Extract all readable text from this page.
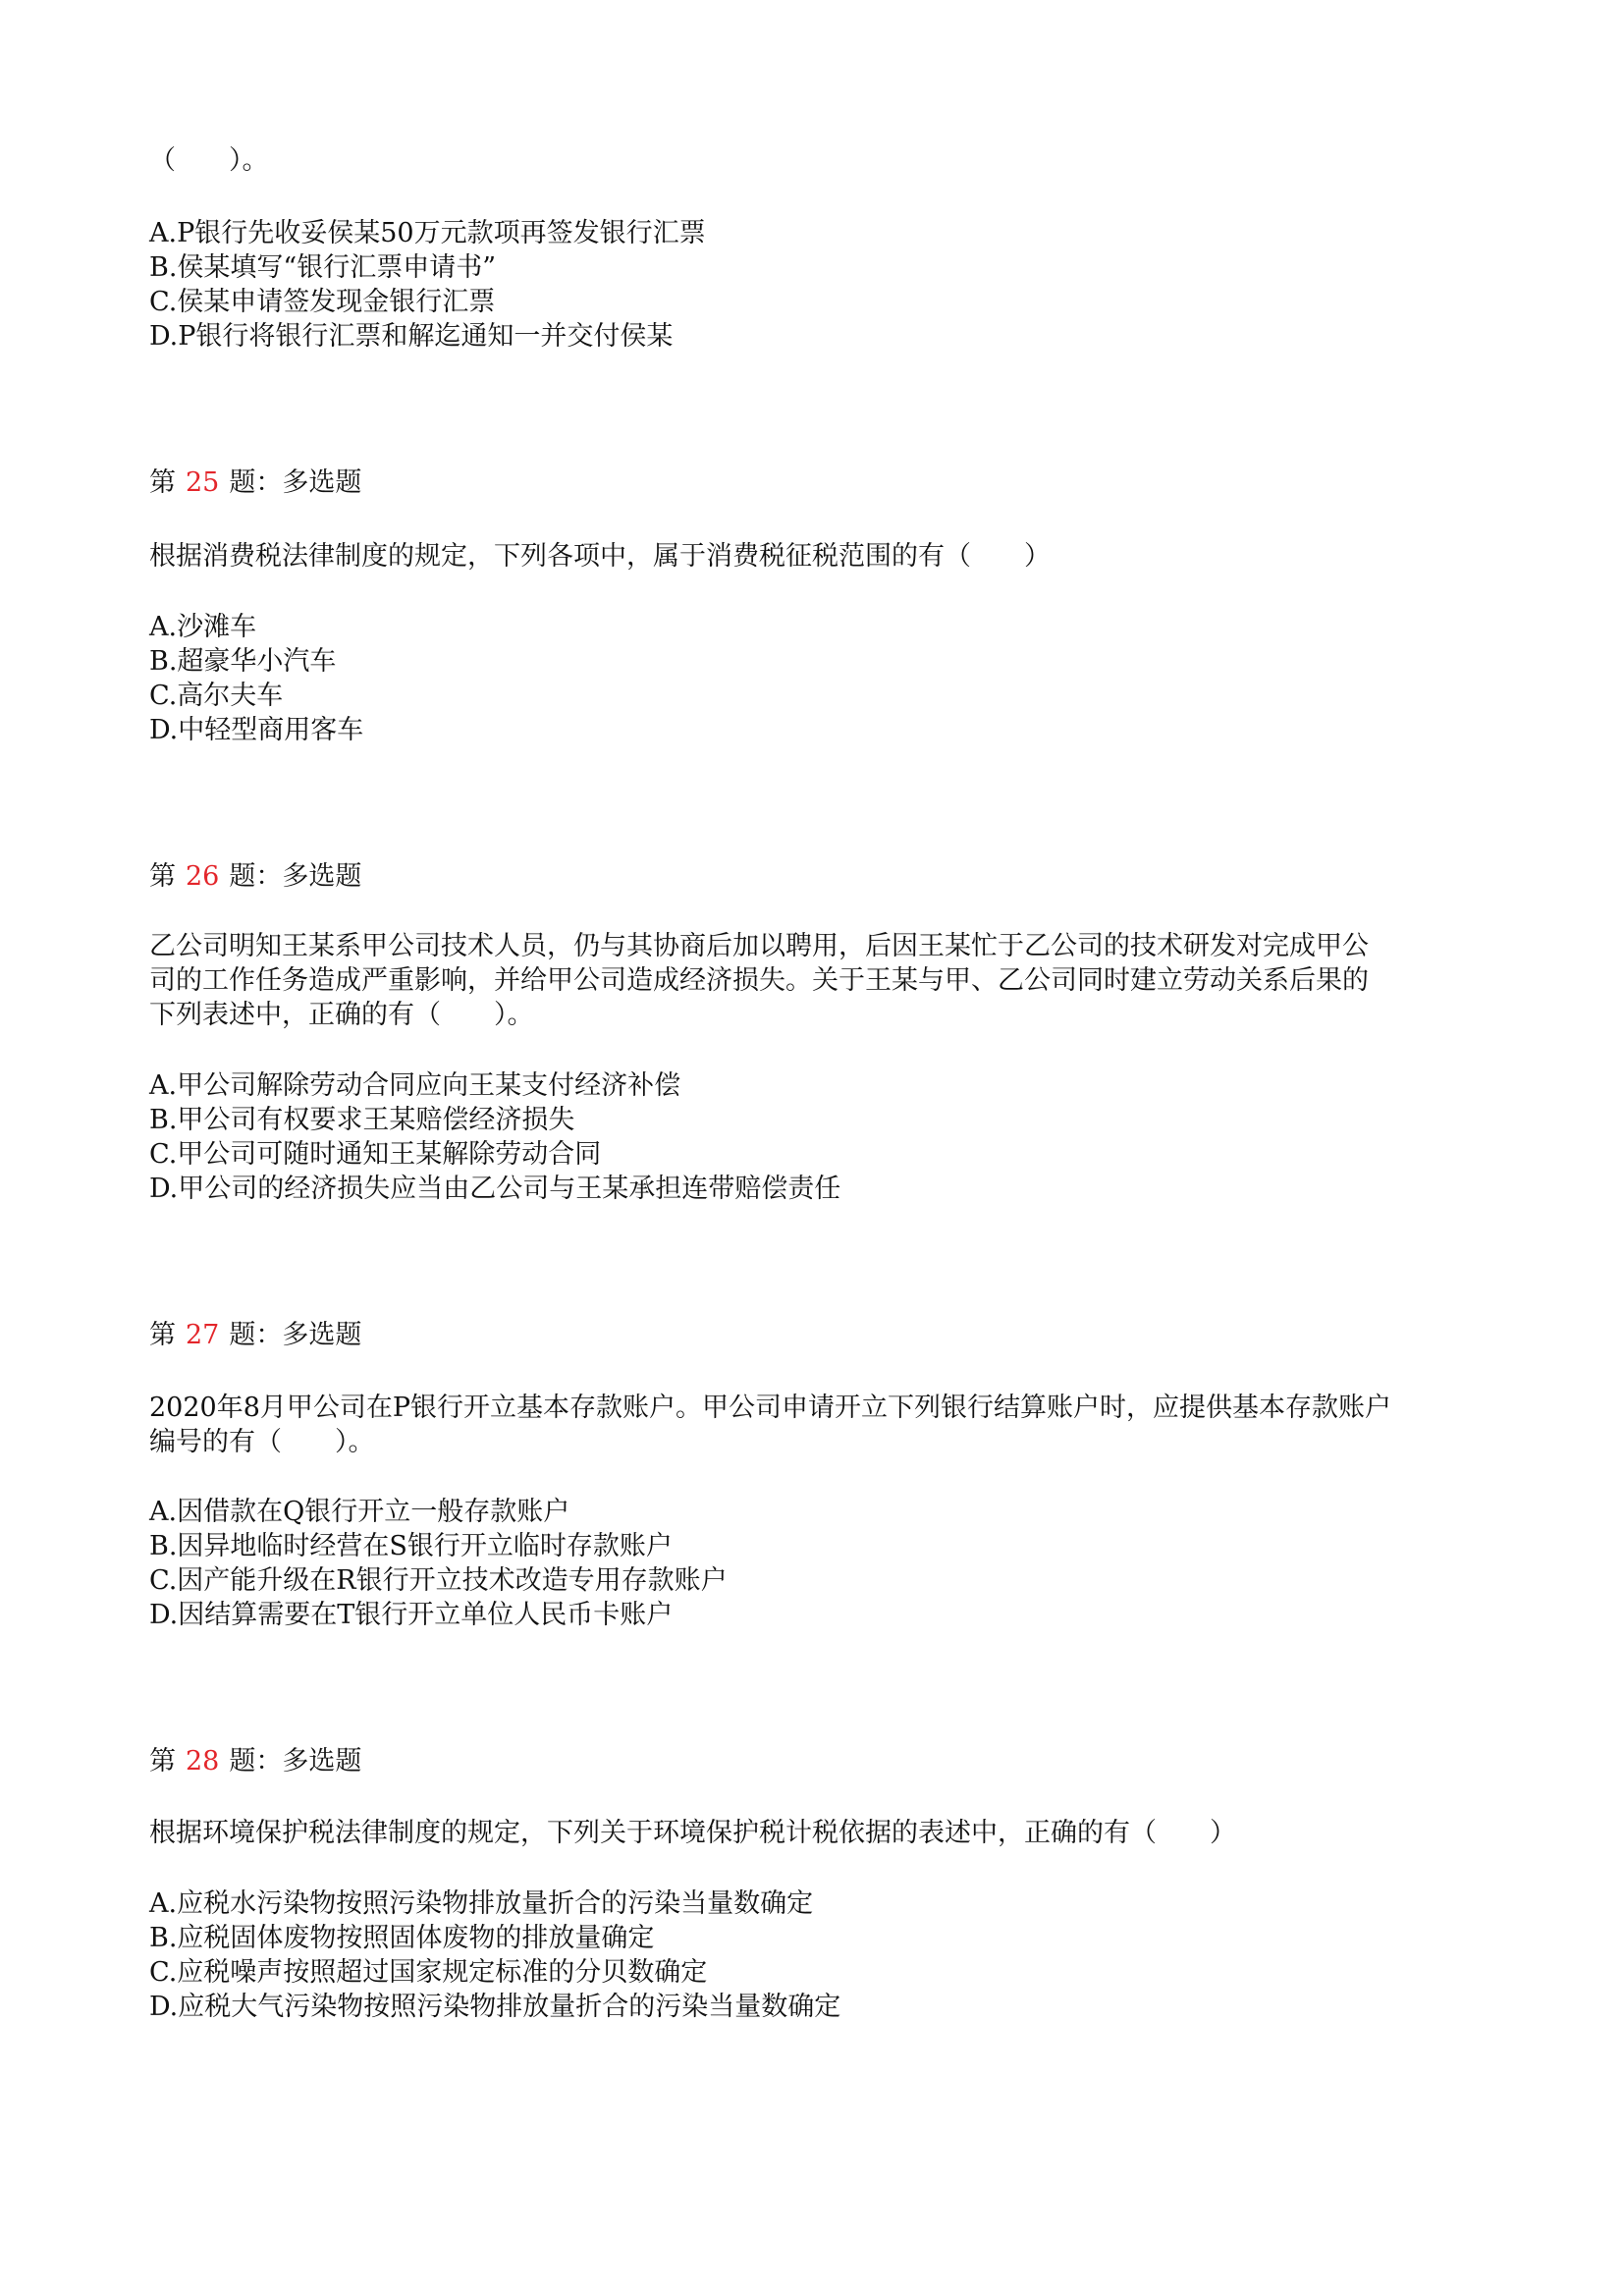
（　　）。
A.P银行先收妥侯某50万元款项再签发银行汇票
B.侯某填写“银行汇票申请书”
C.侯某申请签发现金银行汇票
D.P银行将银行汇票和解迄通知一并交付侯某
第 25 题：多选题
根据消费税法律制度的规定，下列各项中，属于消费税征税范围的有（　　）
A.沙滩车
B.超豪华小汽车
C.高尔夫车
D.中轻型商用客车
第 26 题：多选题
乙公司明知王某系甲公司技术人员，仍与其协商后加以聘用，后因王某忙于乙公司的技术研发对完成甲公
司的工作任务造成严重影响，并给甲公司造成经济损失。关于王某与甲、乙公司同时建立劳动关系后果的
下列表述中，正确的有（　　）。
A.甲公司解除劳动合同应向王某支付经济补偿
B.甲公司有权要求王某赔偿经济损失
C.甲公司可随时通知王某解除劳动合同
D.甲公司的经济损失应当由乙公司与王某承担连带赔偿责任
第 27 题：多选题
2020年8月甲公司在P银行开立基本存款账户。甲公司申请开立下列银行结算账户时，应提供基本存款账户
编号的有（　　）。
A.因借款在Q银行开立一般存款账户
B.因异地临时经营在S银行开立临时存款账户
C.因产能升级在R银行开立技术改造专用存款账户
D.因结算需要在T银行开立单位人民币卡账户
第 28 题：多选题
根据环境保护税法律制度的规定，下列关于环境保护税计税依据的表述中，正确的有（　　）
A.应税水污染物按照污染物排放量折合的污染当量数确定
B.应税固体废物按照固体废物的排放量确定
C.应税噪声按照超过国家规定标准的分贝数确定
D.应税大气污染物按照污染物排放量折合的污染当量数确定
